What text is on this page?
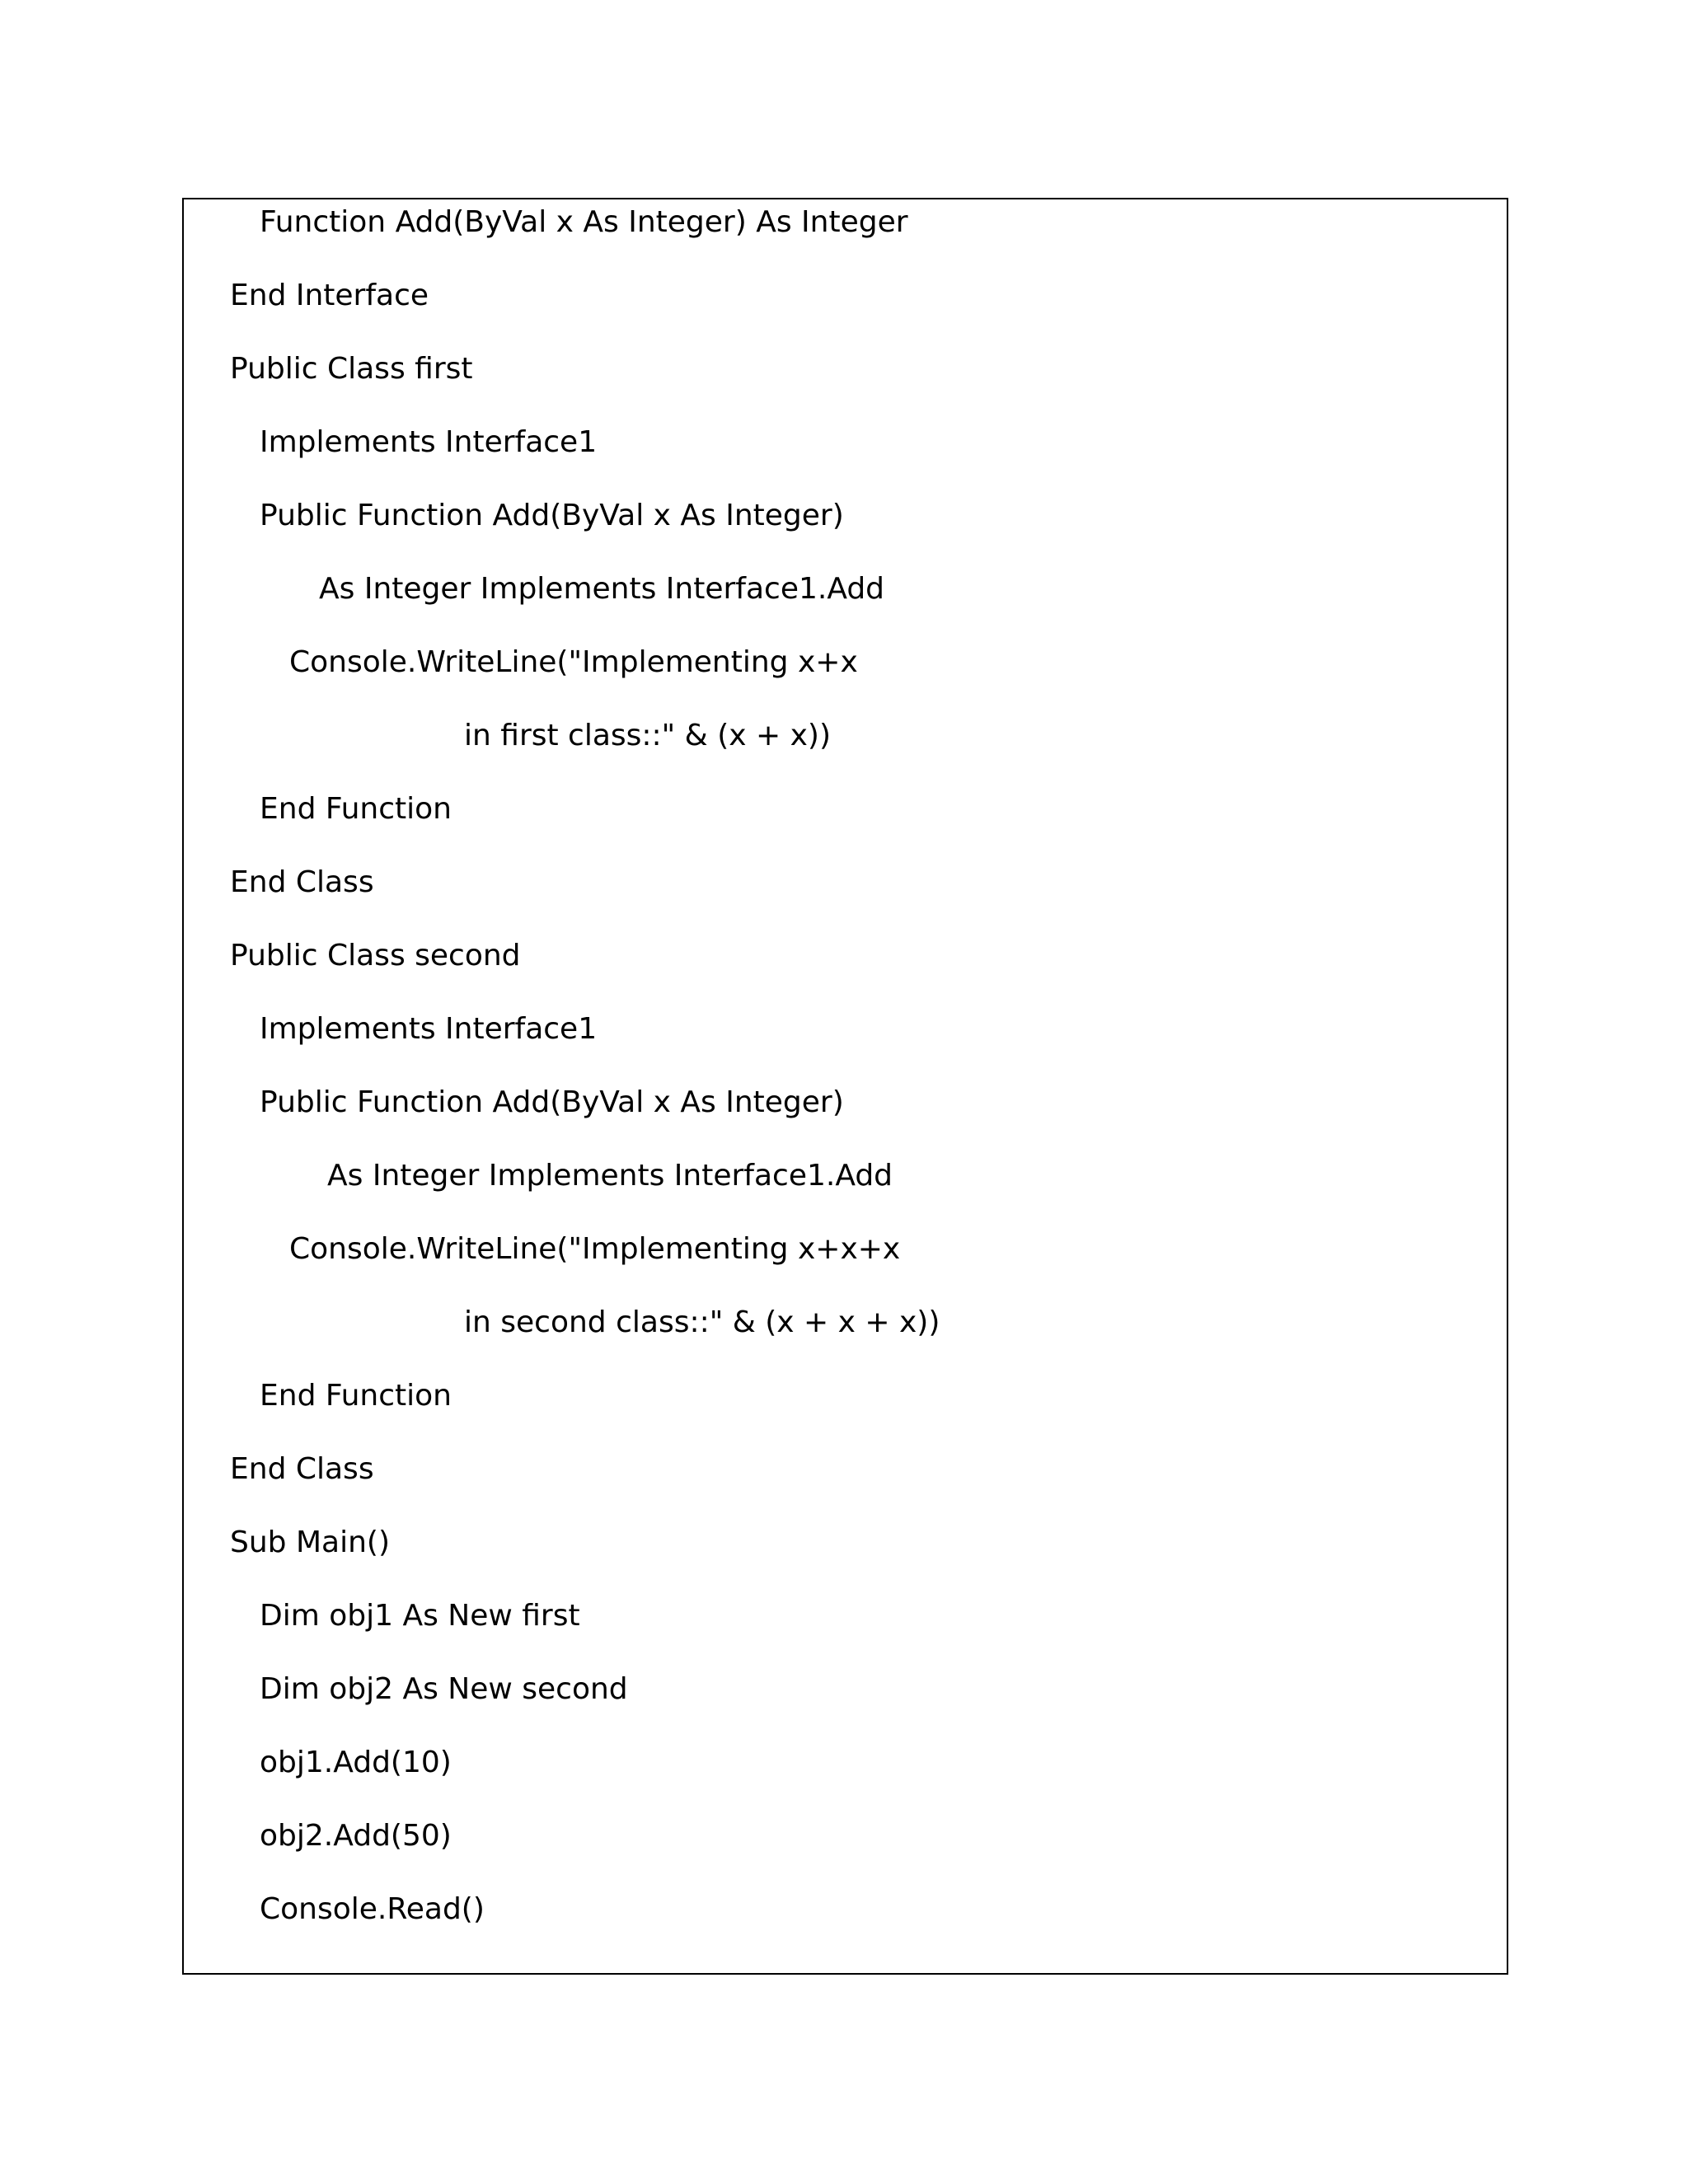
Function Add(ByVal x As Integer) As Integer
End Interface
Public Class first
Implements Interface1
Public Function Add(ByVal x As Integer)
As Integer Implements Interface1.Add
Console.WriteLine("Implementing x+x
in first class::" & (x + x))
End Function
End Class
Public Class second
Implements Interface1
Public Function Add(ByVal x As Integer)
As Integer Implements Interface1.Add
Console.WriteLine("Implementing x+x+x
in second class::" & (x + x + x))
End Function
End Class
Sub Main()
Dim obj1 As New first
Dim obj2 As New second
obj1.Add(10)
obj2.Add(50)
Console.Read()
